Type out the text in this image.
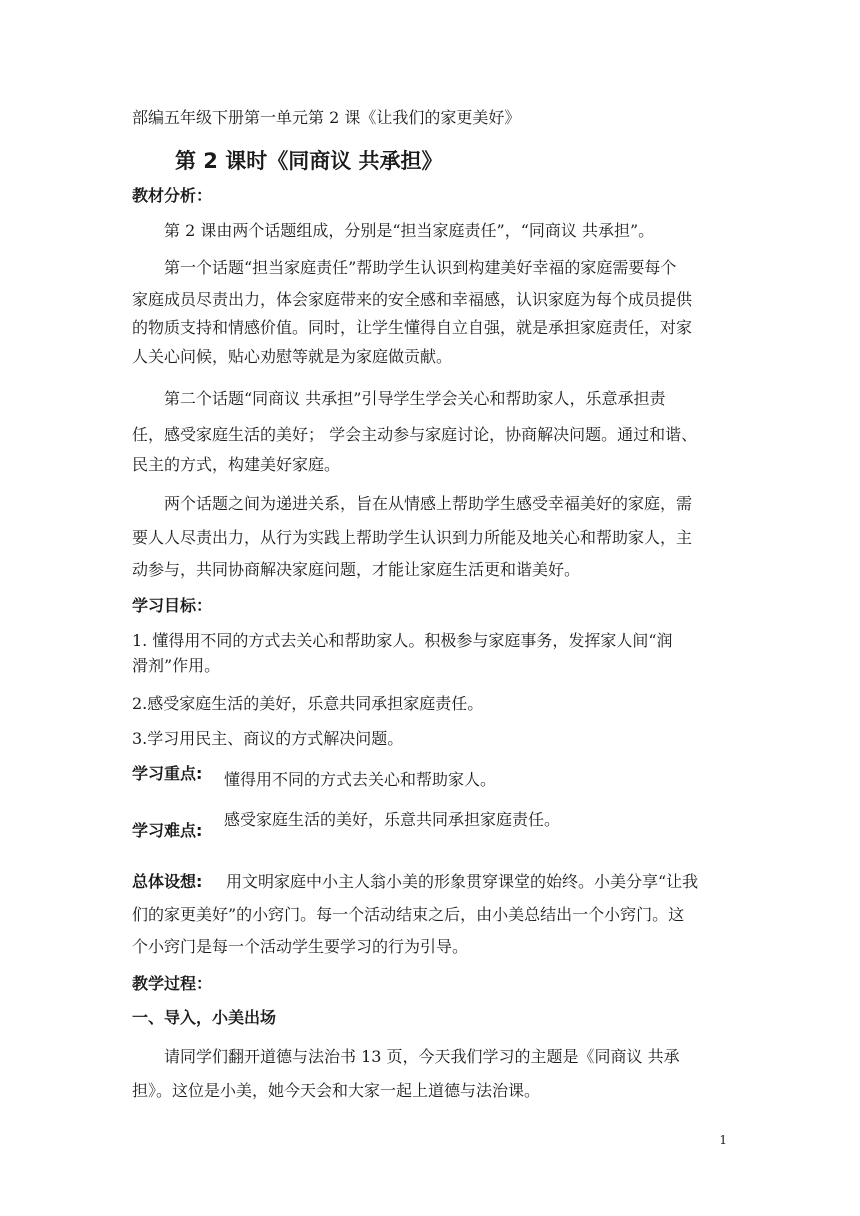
部编五年级下册第一单元第 2 课《让我们的家更美好》
第 2 课时《同商议 共承担》
教材分析：
第 2 课由两个话题组成，分别是“担当家庭责任”，“同商议 共承担”。
第一个话题“担当家庭责任”帮助学生认识到构建美好幸福的家庭需要每个
家庭成员尽责出力，体会家庭带来的安全感和幸福感，认识家庭为每个成员提供
的物质支持和情感价值。同时，让学生懂得自立自强，就是承担家庭责任，对家
人关心问候，贴心劝慰等就是为家庭做贡献。
第二个话题“同商议 共承担”引导学生学会关心和帮助家人，乐意承担责
任，感受家庭生活的美好； 学会主动参与家庭讨论，协商解决问题。通过和谐、
民主的方式，构建美好家庭。
两个话题之间为递进关系，旨在从情感上帮助学生感受幸福美好的家庭，需
要人人尽责出力，从行为实践上帮助学生认识到力所能及地关心和帮助家人，主
动参与，共同协商解决家庭问题，才能让家庭生活更和谐美好。
学习目标：
1. 懂得用不同的方式去关心和帮助家人。积极参与家庭事务，发挥家人间“润
滑剂”作用。
2.感受家庭生活的美好，乐意共同承担家庭责任。
3.学习用民主、商议的方式解决问题。
学习重点: 懂得用不同的方式去关心和帮助家人。
感受家庭生活的美好，乐意共同承担家庭责任。
学习难点:
总体设想: 用文明家庭中小主人翁小美的形象贯穿课堂的始终。小美分享“让我
们的家更美好”的小窍门。每一个活动结束之后，由小美总结出一个小窍门。这
个小窍门是每一个活动学生要学习的行为引导。
教学过程：
一、导入，小美出场
请同学们翻开道德与法治书 13 页，今天我们学习的主题是《同商议 共承
担》。这位是小美，她今天会和大家一起上道德与法治课。
1
